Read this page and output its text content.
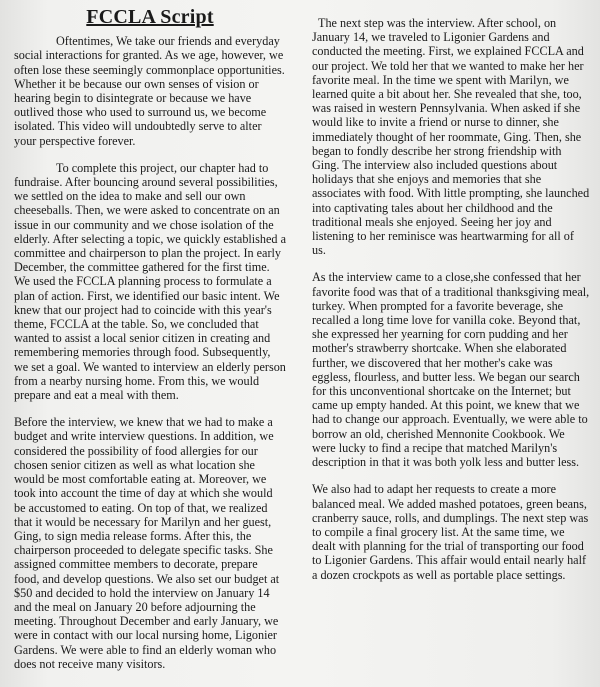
FCCLA Script

Oftentimes, We take our friends and everyday social interactions for granted. As we age, however, we often lose these seemingly commonplace opportunities. Whether it be because our own senses of vision or hearing begin to disintegrate or because we have outlived those who used to surround us, we become isolated. This video will undoubtedly serve to alter your perspective forever.

To complete this project, our chapter had to fundraise. After bouncing around several possibilities, we settled on the idea to make and sell our own cheeseballs. Then, we were asked to concentrate on an issue in our community and we chose isolation of the elderly. After selecting a topic, we quickly established a committee and chairperson to plan the project. In early December, the committee gathered for the first time. We used the FCCLA planning process to formulate a plan of action. First, we identified our basic intent. We knew that our project had to coincide with this year's theme, FCCLA at the table. So, we concluded that wanted to assist a local senior citizen in creating and remembering memories through food. Subsequently, we set a goal. We wanted to interview an elderly person from a nearby nursing home. From this, we would prepare and eat a meal with them.

Before the interview, we knew that we had to make a budget and write interview questions. In addition, we considered the possibility of food allergies for our chosen senior citizen as well as what location she would be most comfortable eating at. Moreover, we took into account the time of day at which she would be accustomed to eating. On top of that, we realized that it would be necessary for Marilyn and her guest, Ging, to sign media release forms. After this, the chairperson proceeded to delegate specific tasks. She assigned committee members to decorate, prepare food, and develop questions. We also set our budget at $50 and decided to hold the interview on January 14 and the meal on January 20 before adjourning the meeting. Throughout December and early January, we were in contact with our local nursing home, Ligonier Gardens. We were able to find an elderly woman who does not receive many visitors.

The next step was the interview. After school, on January 14, we traveled to Ligonier Gardens and conducted the meeting. First, we explained FCCLA and our project. We told her that we wanted to make her her favorite meal. In the time we spent with Marilyn, we learned quite a bit about her. She revealed that she, too, was raised in western Pennsylvania. When asked if she would like to invite a friend or nurse to dinner, she immediately thought of her roommate, Ging. Then, she began to fondly describe her strong friendship with Ging. The interview also included questions about holidays that she enjoys and memories that she associates with food. With little prompting, she launched into captivating tales about her childhood and the traditional meals she enjoyed. Seeing her joy and listening to her reminisce was heartwarming for all of us.

As the interview came to a close,she confessed that her favorite food was that of a traditional thanksgiving meal, turkey. When prompted for a favorite beverage, she recalled a long time love for vanilla coke. Beyond that, she expressed her yearning for corn pudding and her mother's strawberry shortcake. When she elaborated further, we discovered that her mother's cake was eggless, flourless, and butter less. We began our search for this unconventional shortcake on the Internet; but came up empty handed. At this point, we knew that we had to change our approach. Eventually, we were able to borrow an old, cherished Mennonite Cookbook. We were lucky to find a recipe that matched Marilyn's description in that it was both yolk less and butter less.

We also had to adapt her requests to create a more balanced meal. We added mashed potatoes, green beans, cranberry sauce, rolls, and dumplings. The next step was to compile a final grocery list. At the same time, we dealt with planning for the trial of transporting our food to Ligonier Gardens. This affair would entail nearly half a dozen crockpots as well as portable place settings.
